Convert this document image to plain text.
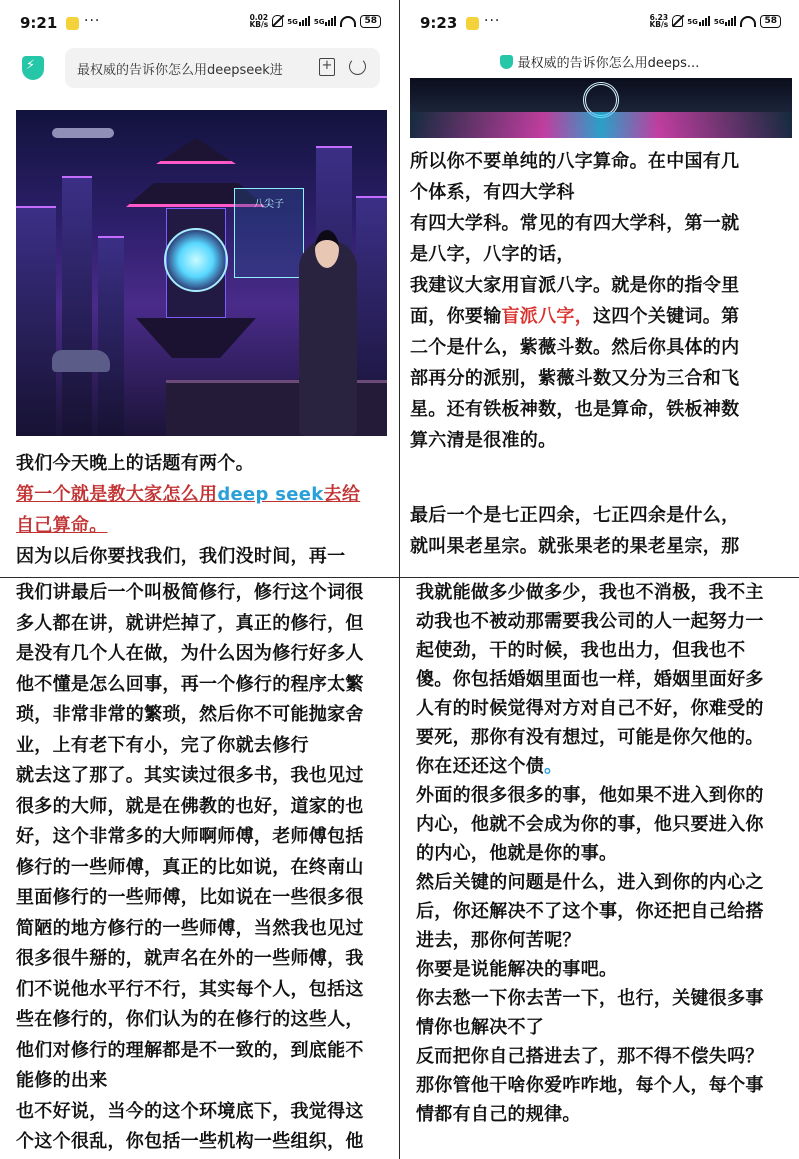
9:21 ···	0.02
KB/s	5G 5G	58
⚡
最权威的告诉你怎么用deepseek进	+
八尖子

我们今天晚上的话题有两个。

第一个就是教大家怎么用deep seek去给

自己算命。

因为以后你要找我们，我们没时间，再一

9:23 ···	6.23
KB/s	5G 5G	58
最权威的告诉你怎么用deeps...

所以你不要单纯的八字算命。在中国有几

个体系，有四大学科

有四大学科。常见的有四大学科，第一就

是八字，八字的话，

我建议大家用盲派八字。就是你的指令里

面，你要输盲派八字，这四个关键词。第

二个是什么，紫薇斗数。然后你具体的内

部再分的派别，紫薇斗数又分为三合和飞

星。还有铁板神数，也是算命，铁板神数

算六清是很准的。

最后一个是七正四余，七正四余是什么，

就叫果老星宗。就张果老的果老星宗，那

我们讲最后一个叫极简修行，修行这个词很

多人都在讲，就讲烂掉了，真正的修行，但

是没有几个人在做，为什么因为修行好多人

他不懂是怎么回事，再一个修行的程序太繁

琐，非常非常的繁琐，然后你不可能抛家舍

业，上有老下有小，完了你就去修行

就去这了那了。其实读过很多书，我也见过

很多的大师，就是在佛教的也好，道家的也

好，这个非常多的大师啊师傅，老师傅包括

修行的一些师傅，真正的比如说，在终南山

里面修行的一些师傅，比如说在一些很多很

简陋的地方修行的一些师傅，当然我也见过

很多很牛掰的，就声名在外的一些师傅，我

们不说他水平行不行，其实每个人，包括这

些在修行的，你们认为的在修行的这些人，

他们对修行的理解都是不一致的，到底能不

能修的出来

也不好说，当今的这个环境底下，我觉得这

个这个很乱，你包括一些机构一些组织，他

我就能做多少做多少，我也不消极，我不主

动我也不被动那需要我公司的人一起努力一

起使劲，干的时候，我也出力，但我也不

傻。你包括婚姻里面也一样，婚姻里面好多

人有的时候觉得对方对自己不好，你难受的

要死，那你有没有想过，可能是你欠他的。

你在还还这个债。

外面的很多很多的事，他如果不进入到你的

内心，他就不会成为你的事，他只要进入你

的内心，他就是你的事。

然后关键的问题是什么，进入到你的内心之

后，你还解决不了这个事，你还把自己给搭

进去，那你何苦呢？

你要是说能解决的事吧。

你去愁一下你去苦一下，也行，关键很多事

情你也解决不了

反而把你自己搭进去了，那不得不偿失吗？

那你管他干啥你爱咋咋地，每个人，每个事

情都有自己的规律。
